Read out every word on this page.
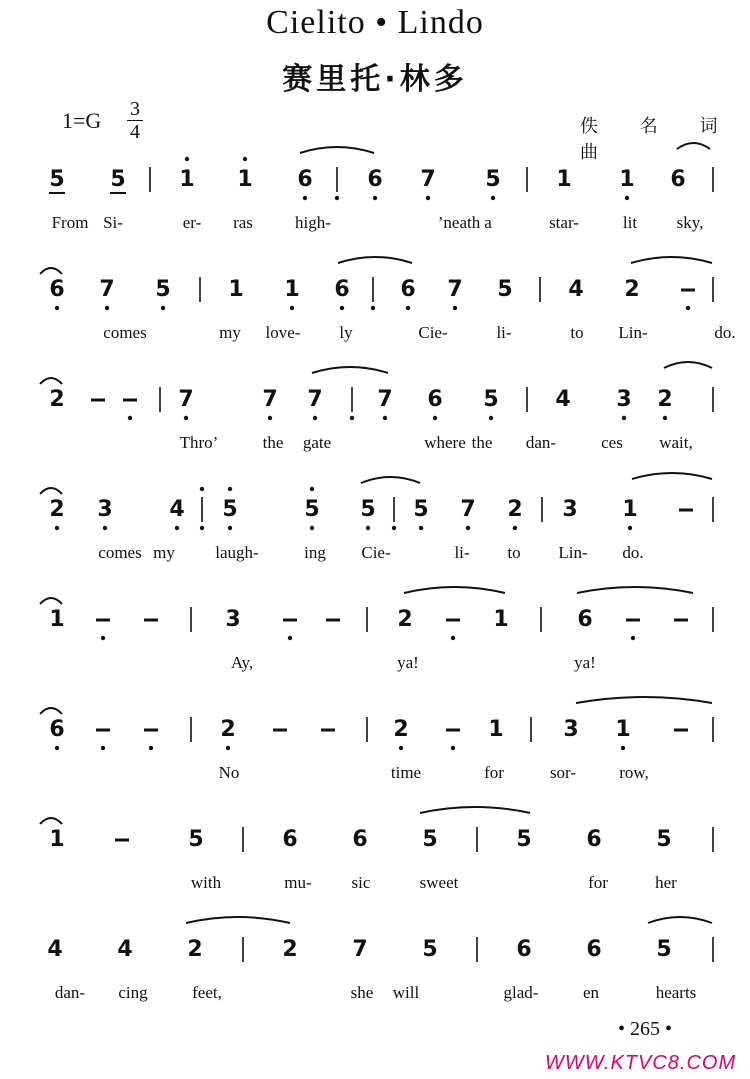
Cielito • Lindo
赛里托·林多
1=G 3
4	佚 名 词曲
5 5 1 1 6 6 7 5	1 1 6
From Si-	er- ras high-	’neath a	star-	lit sky,
6 7 5	1 1 6 6 7 5	4 2
comes	my love- ly	Cie-	li-	to Lin-	do.
2	7	7 7 7 6 5	4 3 2
Thro’	the gate	where the dan-	ces wait,
2 3	4 5	5 5 5 7 2 3 1
comes my laugh-	ing Cie-	li- to Lin- do.
1	3	2	1	6
Ay,	ya!	ya!
6	2	2	1	3 1
No	time	for	sor-	row,
1	5	6 6 5	5 6 5
with	mu- sic	sweet	for	her
4 4 2	2 7 5	6 6 5
dan- cing	feet,	she will	glad-	en	hearts
• 265 •
WWW.KTVC8.COM
